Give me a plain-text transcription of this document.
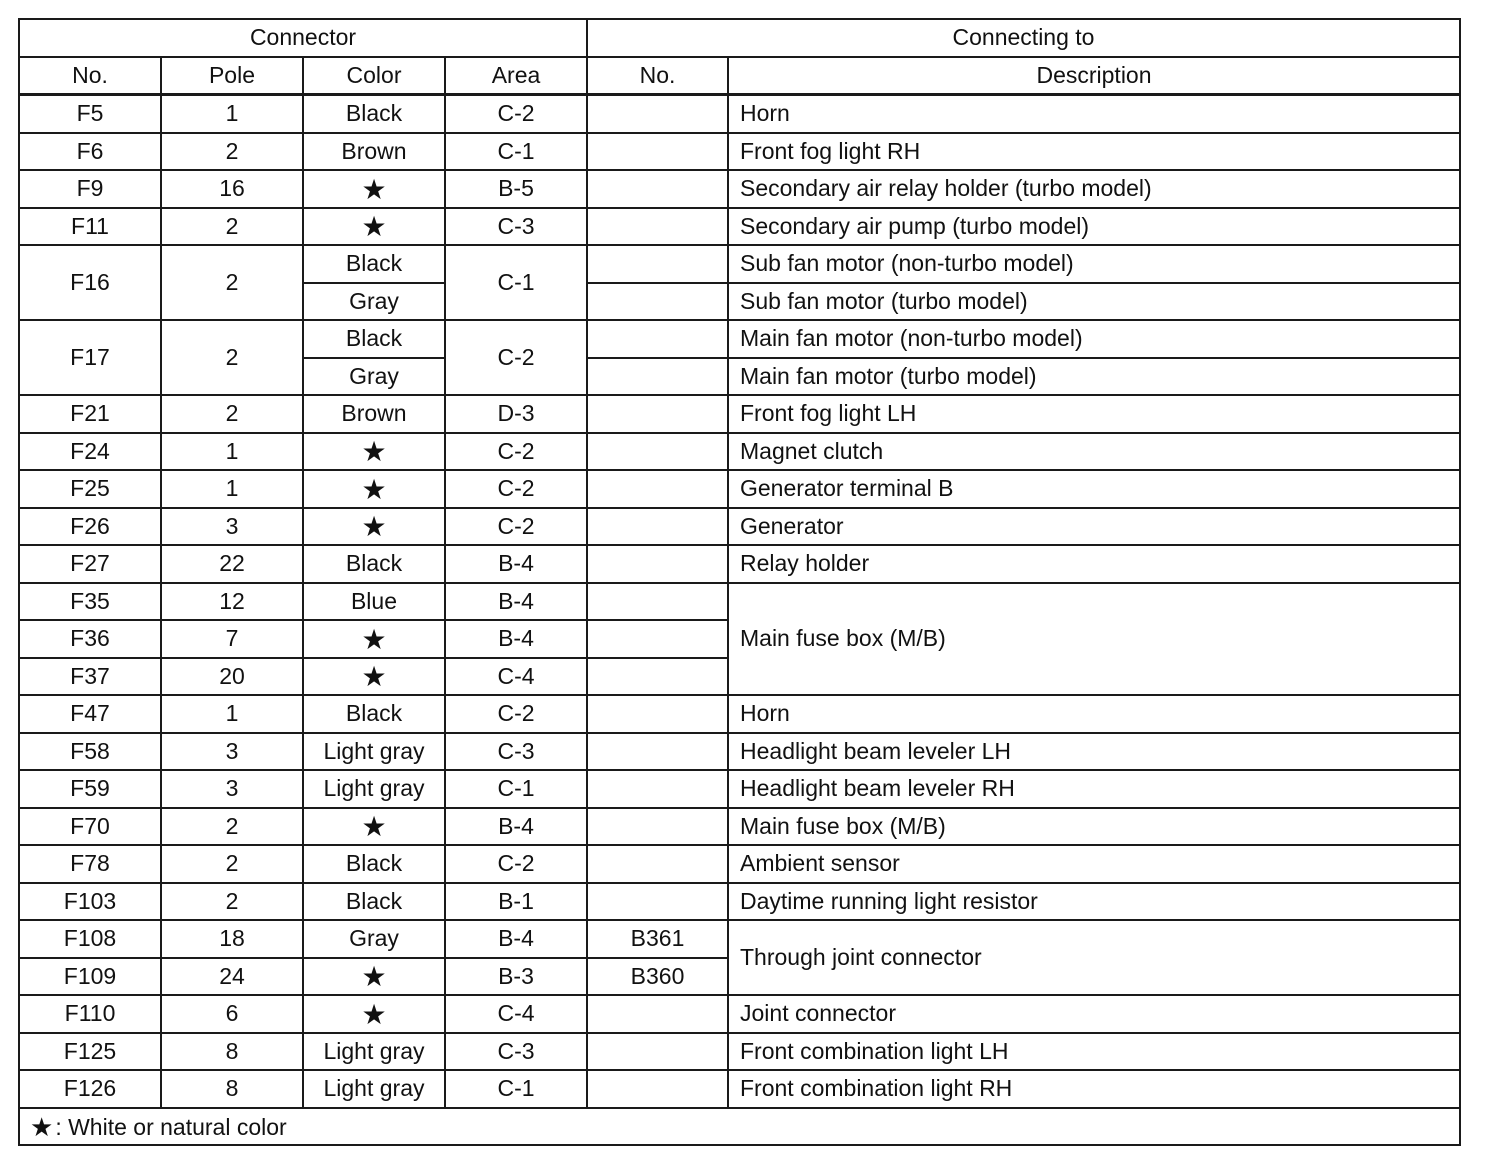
Connector				Connecting to	
No.	Pole	Color	Area	No.	Description
F5	1	Black	C-2		Horn
F6	2	Brown	C-1		Front fog light RH
F9	16	★	B-5		Secondary air relay holder (turbo model)
F11	2	★	C-3		Secondary air pump (turbo model)
F16	2	Black	C-1		Sub fan motor (non-turbo model)
		Gray			Sub fan motor (turbo model)
F17	2	Black	C-2		Main fan motor (non-turbo model)
		Gray			Main fan motor (turbo model)
F21	2	Brown	D-3		Front fog light LH
F24	1	★	C-2		Magnet clutch
F25	1	★	C-2		Generator terminal B
F26	3	★	C-2		Generator
F27	22	Black	B-4		Relay holder
F35	12	Blue	B-4		Main fuse box (M/B)
F36	7	★	B-4		
F37	20	★	C-4		
F47	1	Black	C-2		Horn
F58	3	Light gray	C-3		Headlight beam leveler LH
F59	3	Light gray	C-1		Headlight beam leveler RH
F70	2	★	B-4		Main fuse box (M/B)
F78	2	Black	C-2		Ambient sensor
F103	2	Black	B-1		Daytime running light resistor
F108	18	Gray	B-4	B361	Through joint connector
F109	24	★	B-3	B360	
F110	6	★	C-4		Joint connector
F125	8	Light gray	C-3		Front combination light LH
F126	8	Light gray	C-1		Front combination light RH
★: White or natural color					
